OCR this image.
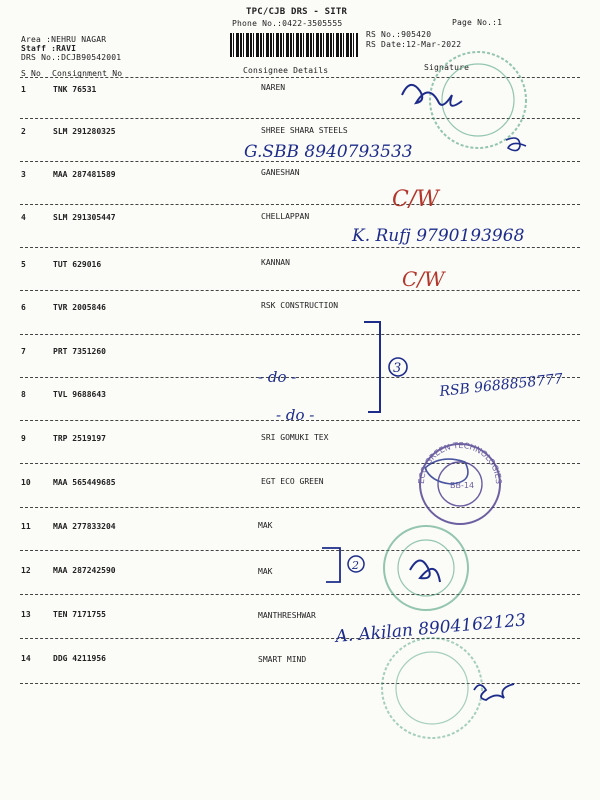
TPC/CJB DRS - SITR
Phone No.:0422-3505555	Page No.:1
Area :NEHRU NAGAR
Staff :RAVI
DRS No.:DCJB90542001
RS No.:905420
RS Date:12-Mar-2022
S No Consignment No	Consignee Details	Signature
1	TNK 76531	NAREN
2	SLM 291280325	SHREE SHARA STEELS
3	MAA 287481589	GANESHAN
4	SLM 291305447	CHELLAPPAN
5	TUT 629016	KANNAN
6	TVR 2005846	RSK CONSTRUCTION
7	PRT 7351260
8	TVL 9688643
9	TRP 2519197	SRI GOMUKI TEX
10	MAA 565449685	EGT ECO GREEN
11	MAA 277833204	MAK
12	MAA 287242590	MAK
13	TEN 7171755	MANTHRESHWAR
14	DDG 4211956	SMART MIND
G.SBB 8940793533
C/W
K. Rufj 9790193968
C/W
3
- do -
- do -
RSB 9688858777
ECO GREEN TECHNOLOGIES
BB-14
2
A. Akilan 8904162123
